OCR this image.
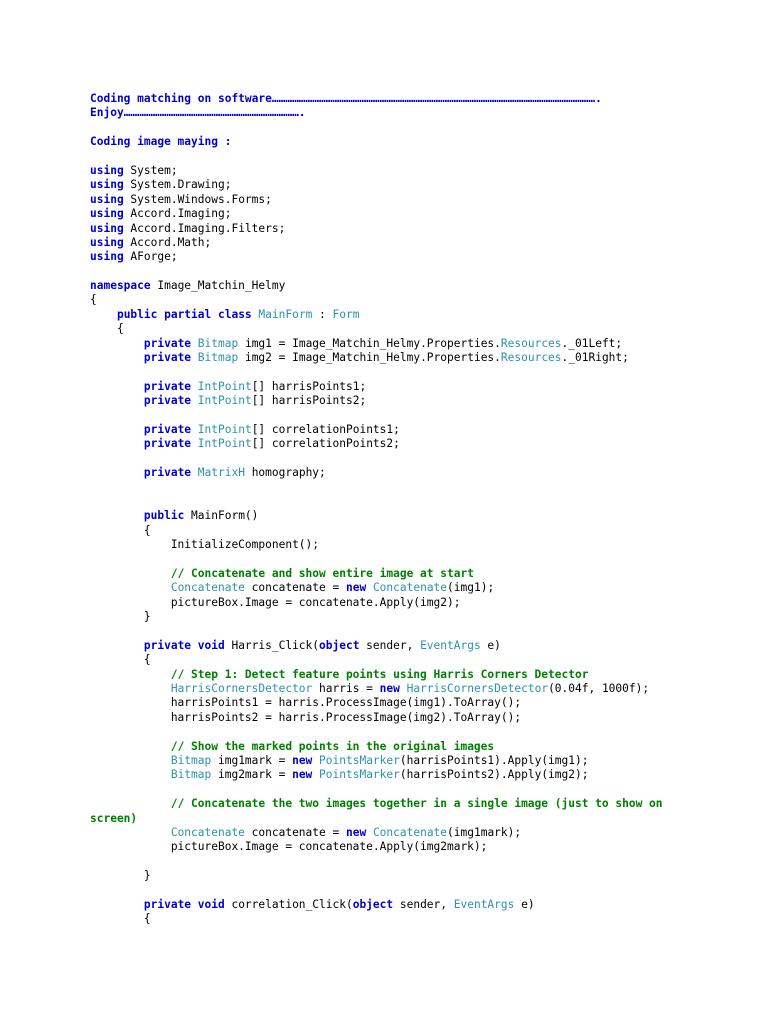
Coding matching on software……………………………………………………………………………………………………………………………….
Enjoy…………………………………………………………………….
Coding image maying :
using System;
using System.Drawing;
using System.Windows.Forms;
using Accord.Imaging;
using Accord.Imaging.Filters;
using Accord.Math;
using AForge;
namespace Image_Matchin_Helmy
{
public partial class MainForm : Form
{
private Bitmap img1 = Image_Matchin_Helmy.Properties.Resources._01Left;
private Bitmap img2 = Image_Matchin_Helmy.Properties.Resources._01Right;
private IntPoint[] harrisPoints1;
private IntPoint[] harrisPoints2;
private IntPoint[] correlationPoints1;
private IntPoint[] correlationPoints2;
private MatrixH homography;
public MainForm()
{
InitializeComponent();
// Concatenate and show entire image at start
Concatenate concatenate = new Concatenate(img1);
pictureBox.Image = concatenate.Apply(img2);
}
private void Harris_Click(object sender, EventArgs e)
{
// Step 1: Detect feature points using Harris Corners Detector
HarrisCornersDetector harris = new HarrisCornersDetector(0.04f, 1000f);
harrisPoints1 = harris.ProcessImage(img1).ToArray();
harrisPoints2 = harris.ProcessImage(img2).ToArray();
// Show the marked points in the original images
Bitmap img1mark = new PointsMarker(harrisPoints1).Apply(img1);
Bitmap img2mark = new PointsMarker(harrisPoints2).Apply(img2);
// Concatenate the two images together in a single image (just to show on
screen)
Concatenate concatenate = new Concatenate(img1mark);
pictureBox.Image = concatenate.Apply(img2mark);
}
private void correlation_Click(object sender, EventArgs e)
{
